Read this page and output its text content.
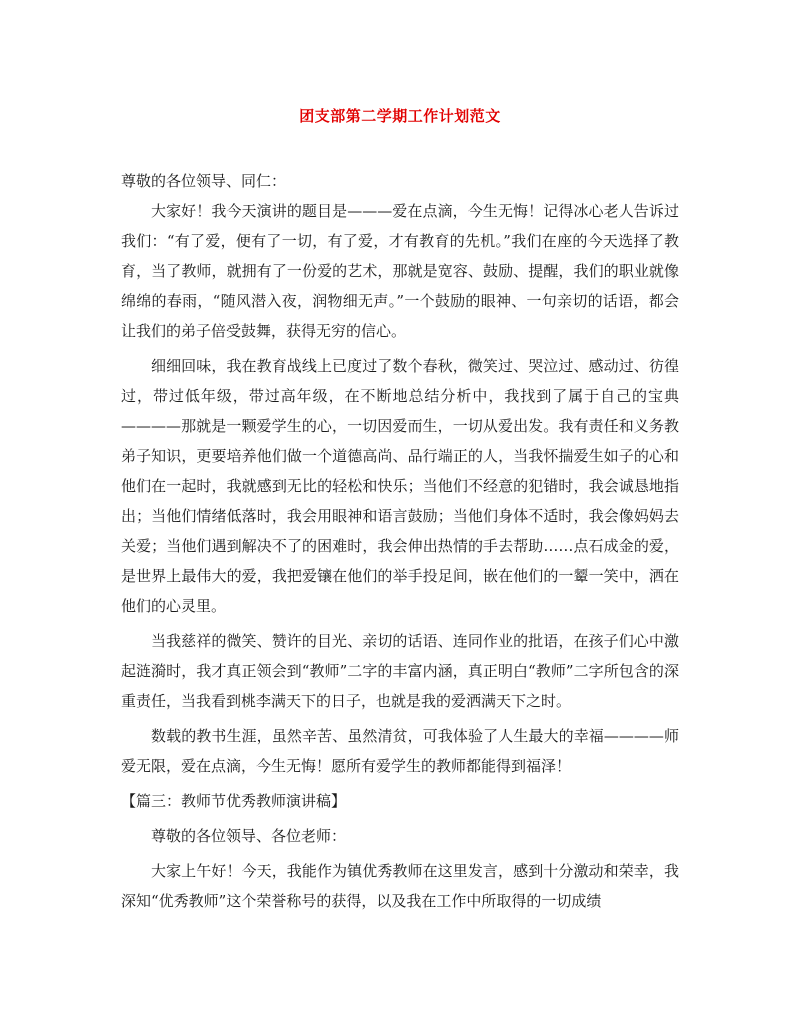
团支部第二学期工作计划范文

尊敬的各位领导、同仁：

大家好！我今天演讲的题目是———爱在点滴，今生无悔！记得冰心老人告诉过我们：“有了爱，便有了一切，有了爱，才有教育的先机。”我们在座的今天选择了教育，当了教师，就拥有了一份爱的艺术，那就是宽容、鼓励、提醒，我们的职业就像绵绵的春雨，“随风潜入夜，润物细无声。”一个鼓励的眼神、一句亲切的话语，都会让我们的弟子倍受鼓舞，获得无穷的信心。

细细回味，我在教育战线上已度过了数个春秋，微笑过、哭泣过、感动过、彷徨过，带过低年级，带过高年级，在不断地总结分析中，我找到了属于自己的宝典————那就是一颗爱学生的心，一切因爱而生，一切从爱出发。我有责任和义务教弟子知识，更要培养他们做一个道德高尚、品行端正的人，当我怀揣爱生如子的心和他们在一起时，我就感到无比的轻松和快乐；当他们不经意的犯错时，我会诚恳地指出；当他们情绪低落时，我会用眼神和语言鼓励；当他们身体不适时，我会像妈妈去关爱；当他们遇到解决不了的困难时，我会伸出热情的手去帮助……点石成金的爱，是世界上最伟大的爱，我把爱镶在他们的举手投足间，嵌在他们的一颦一笑中，洒在他们的心灵里。

当我慈祥的微笑、赞许的目光、亲切的话语、连同作业的批语，在孩子们心中激起涟漪时，我才真正领会到“教师”二字的丰富内涵，真正明白“教师”二字所包含的深重责任，当我看到桃李满天下的日子，也就是我的爱洒满天下之时。

数载的教书生涯，虽然辛苦、虽然清贫，可我体验了人生最大的幸福————师爱无限，爱在点滴，今生无悔！愿所有爱学生的教师都能得到福泽！

【篇三：教师节优秀教师演讲稿】

尊敬的各位领导、各位老师：

大家上午好！今天，我能作为镇优秀教师在这里发言，感到十分激动和荣幸，我深知“优秀教师”这个荣誉称号的获得，以及我在工作中所取得的一切成绩
